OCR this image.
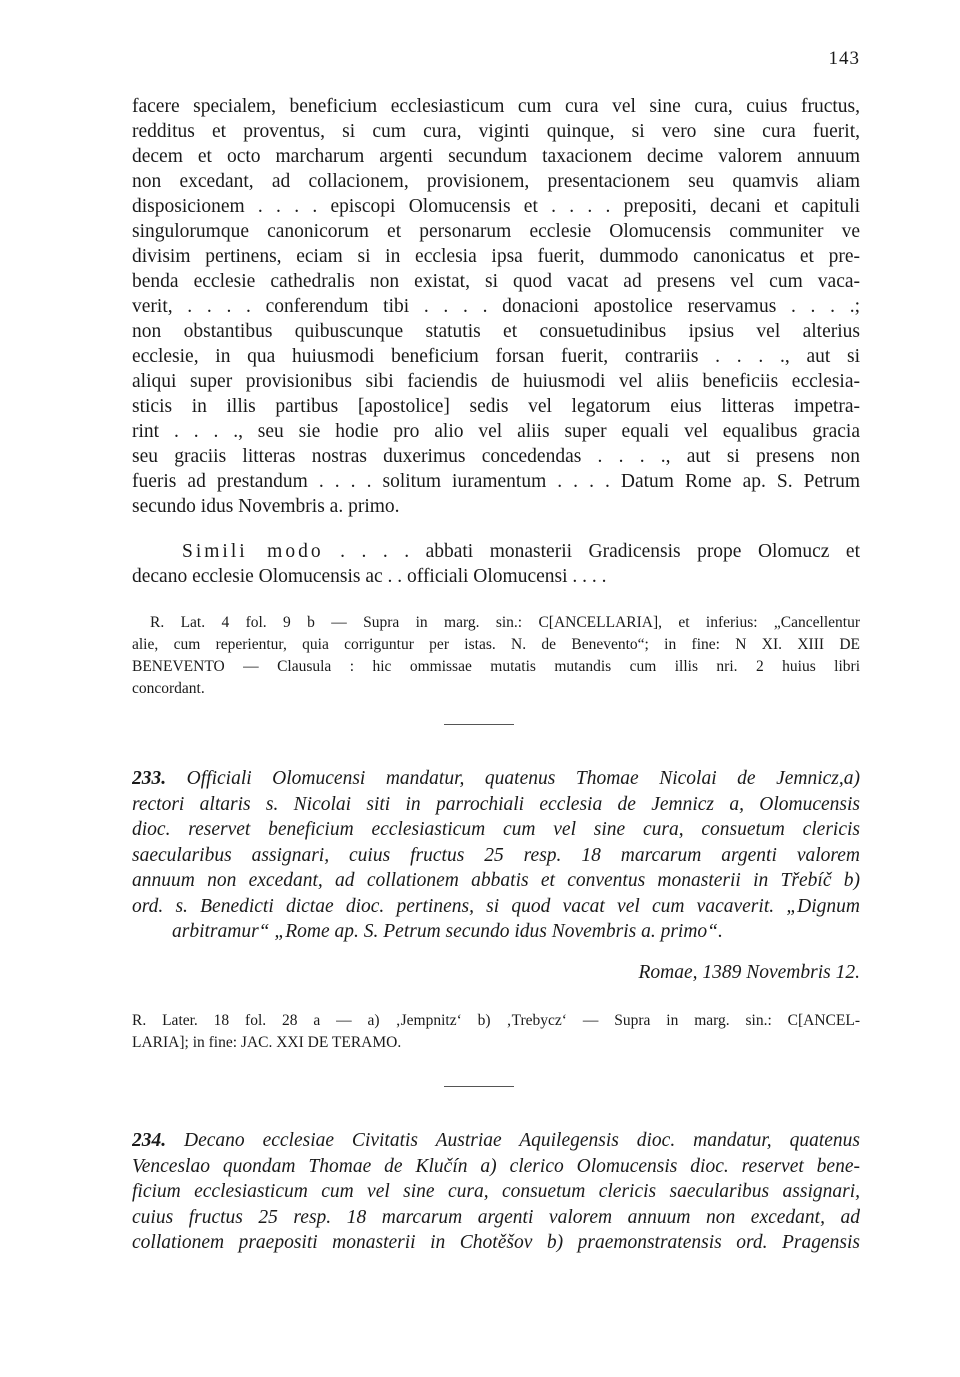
143
facere specialem, beneficium ecclesiasticum cum cura vel sine cura, cuius fructus,
redditus et proventus, si cum cura, viginti quinque, si vero sine cura fuerit,
decem et octo marcharum argenti secundum taxacionem decime valorem annuum
non excedant, ad collacionem, provisionem, presentacionem seu quamvis aliam
disposicionem . . . . episcopi Olomucensis et . . . . prepositi, decani et capituli
singulorumque canonicorum et personarum ecclesie Olomucensis communiter ve
divisim pertinens, eciam si in ecclesia ipsa fuerit, dummodo canonicatus et pre-
benda ecclesie cathedralis non existat, si quod vacat ad presens vel cum vaca-
verit, . . . . conferendum tibi . . . . donacioni apostolice reservamus . . . .;
non obstantibus quibuscunque statutis et consuetudinibus ipsius vel alterius
ecclesie, in qua huiusmodi beneficium forsan fuerit, contrariis . . . ., aut si
aliqui super provisionibus sibi faciendis de huiusmodi vel aliis beneficiis ecclesia-
sticis in illis partibus [apostolice] sedis vel legatorum eius litteras impetra-
rint . . . ., seu sie hodie pro alio vel aliis super equali vel equalibus gracia
seu graciis litteras nostras duxerimus concedendas . . . ., aut si presens non
fueris ad prestandum . . . . solitum iuramentum . . . . Datum Rome ap. S. Petrum
secundo idus Novembris a. primo.
Simili modo . . . . abbati monasterii Gradicensis prope Olomucz et
decano ecclesie Olomucensis ac . . officiali Olomucensi . . . .
R. Lat. 4 fol. 9 b — Supra in marg. sin.: C[ANCELLARIA], et inferius: „Cancellentur
alie, cum reperientur, quia corriguntur per istas. N. de Benevento“; in fine: N XI. XIII DE
BENEVENTO — Clausula : hic ommissae mutatis mutandis cum illis nri. 2 huius libri
concordant.
233. Officiali Olomucensi mandatur, quatenus Thomae Nicolai de Jemnicz,a)
rectori altaris s. Nicolai siti in parrochiali ecclesia de Jemnicz a, Olomucensis
dioc. reservet beneficium ecclesiasticum cum vel sine cura, consuetum clericis
saecularibus assignari, cuius fructus 25 resp. 18 marcarum argenti valorem
annuum non excedant, ad collationem abbatis et conventus monasterii in Třebíč b)
ord. s. Benedicti dictae dioc. pertinens, si quod vacat vel cum vacaverit. „Dignum
arbitramur“ „Rome ap. S. Petrum secundo idus Novembris a. primo“.
Romae, 1389 Novembris 12.
R. Later. 18 fol. 28 a — a) ‚Jempnitz‘ b) ‚Trebycz‘ — Supra in marg. sin.: C[ANCEL-
LARIA]; in fine: JAC. XXI DE TERAMO.
234. Decano ecclesiae Civitatis Austriae Aquilegensis dioc. mandatur, quatenus
Venceslao quondam Thomae de Klučín a) clerico Olomucensis dioc. reservet bene-
ficium ecclesiasticum cum vel sine cura, consuetum clericis saecularibus assignari,
cuius fructus 25 resp. 18 marcarum argenti valorem annuum non excedant, ad
collationem praepositi monasterii in Chotěšov b) praemonstratensis ord. Pragensis
